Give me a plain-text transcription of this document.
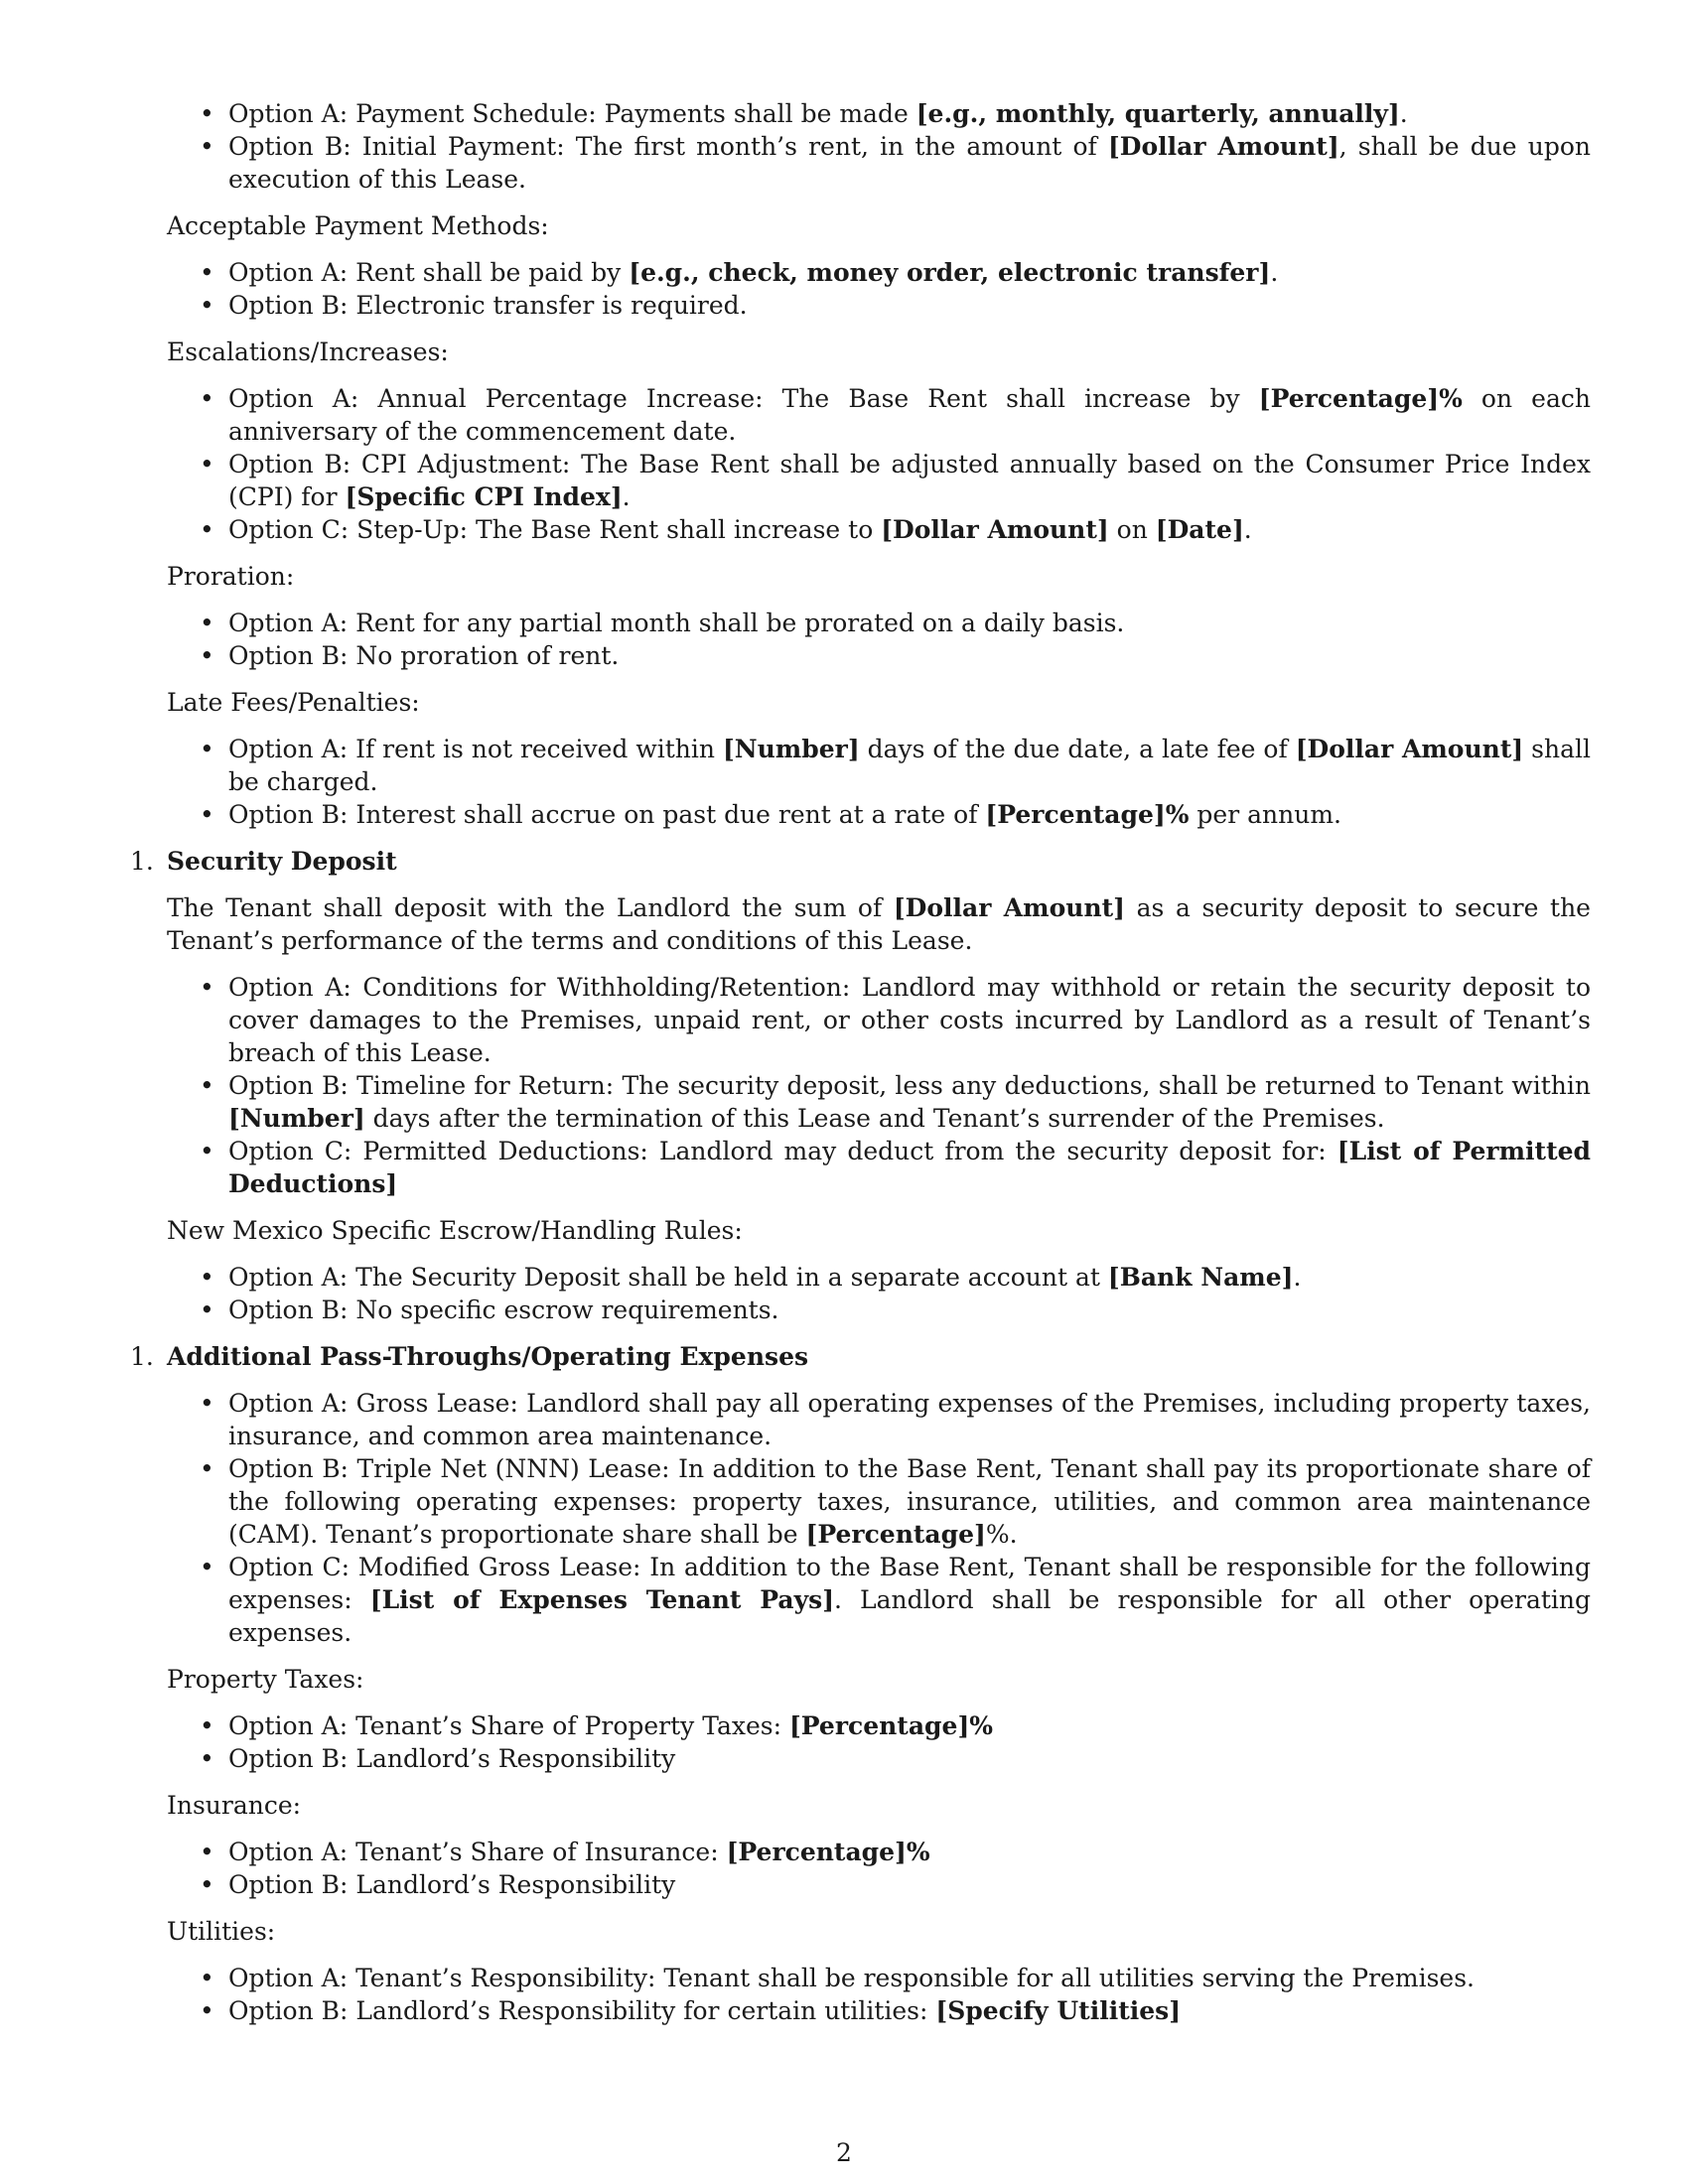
• Option A: Payment Schedule: Payments shall be made [e.g., monthly, quarterly, annually].
• Option B: Initial Payment: The first month’s rent, in the amount of [Dollar Amount], shall be due upon execution of this Lease.

Acceptable Payment Methods:

• Option A: Rent shall be paid by [e.g., check, money order, electronic transfer].
• Option B: Electronic transfer is required.

Escalations/Increases:

• Option A: Annual Percentage Increase: The Base Rent shall increase by [Percentage]% on each anniversary of the commencement date.
• Option B: CPI Adjustment: The Base Rent shall be adjusted annually based on the Consumer Price Index (CPI) for [Specific CPI Index].
• Option C: Step-Up: The Base Rent shall increase to [Dollar Amount] on [Date].

Proration:

• Option A: Rent for any partial month shall be prorated on a daily basis.
• Option B: No proration of rent.

Late Fees/Penalties:

• Option A: If rent is not received within [Number] days of the due date, a late fee of [Dollar Amount] shall be charged.
• Option B: Interest shall accrue on past due rent at a rate of [Percentage]% per annum.
1. Security Deposit

The Tenant shall deposit with the Landlord the sum of [Dollar Amount] as a security deposit to secure the Tenant’s performance of the terms and conditions of this Lease.

• Option A: Conditions for Withholding/Retention: Landlord may withhold or retain the security deposit to cover damages to the Premises, unpaid rent, or other costs incurred by Landlord as a result of Tenant’s breach of this Lease.
• Option B: Timeline for Return: The security deposit, less any deductions, shall be returned to Tenant within [Number] days after the termination of this Lease and Tenant’s surrender of the Premises.
• Option C: Permitted Deductions: Landlord may deduct from the security deposit for: [List of Permitted Deductions]

New Mexico Specific Escrow/Handling Rules:

• Option A: The Security Deposit shall be held in a separate account at [Bank Name].
• Option B: No specific escrow requirements.
1. Additional Pass-Throughs/Operating Expenses
• Option A: Gross Lease: Landlord shall pay all operating expenses of the Premises, including property taxes, insurance, and common area maintenance.
• Option B: Triple Net (NNN) Lease: In addition to the Base Rent, Tenant shall pay its proportionate share of the following operating expenses: property taxes, insurance, utilities, and common area maintenance (CAM). Tenant’s proportionate share shall be [Percentage]%.
• Option C: Modified Gross Lease: In addition to the Base Rent, Tenant shall be responsible for the following expenses: [List of Expenses Tenant Pays]. Landlord shall be responsible for all other operating expenses.

Property Taxes:

• Option A: Tenant’s Share of Property Taxes: [Percentage]%
• Option B: Landlord’s Responsibility

Insurance:

• Option A: Tenant’s Share of Insurance: [Percentage]%
• Option B: Landlord’s Responsibility

Utilities:

• Option A: Tenant’s Responsibility: Tenant shall be responsible for all utilities serving the Premises.
• Option B: Landlord’s Responsibility for certain utilities: [Specify Utilities]
2
